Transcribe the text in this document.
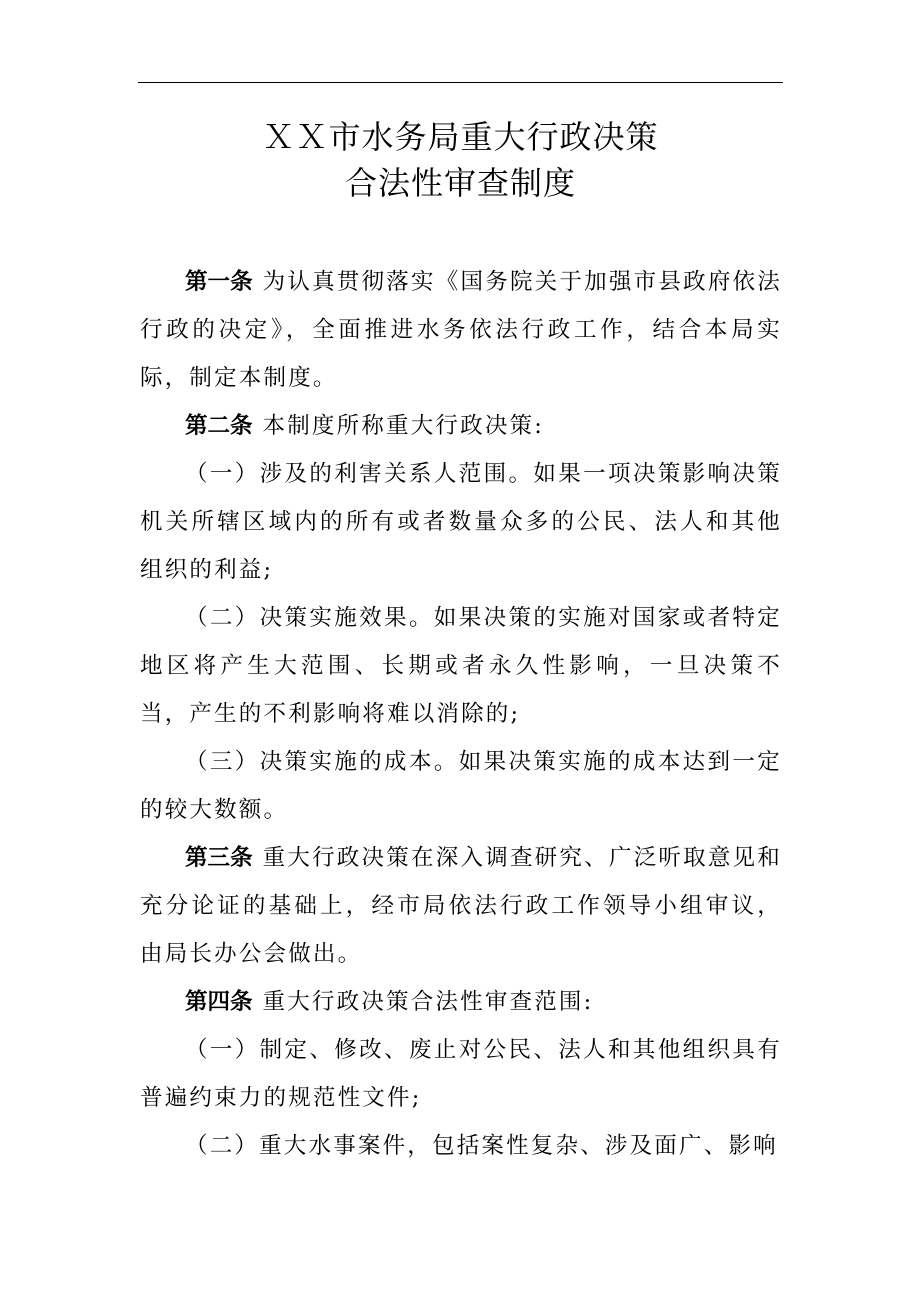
ＸＸ市水务局重大行政决策
合法性审查制度

第一条 为认真贯彻落实《国务院关于加强市县政府依法行政的决定》，全面推进水务依法行政工作，结合本局实际，制定本制度。

第二条 本制度所称重大行政决策:

（一）涉及的利害关系人范围。如果一项决策影响决策机关所辖区域内的所有或者数量众多的公民、法人和其他组织的利益;

（二）决策实施效果。如果决策的实施对国家或者特定地区将产生大范围、长期或者永久性影响，一旦决策不当，产生的不利影响将难以消除的;

（三）决策实施的成本。如果决策实施的成本达到一定的较大数额。

第三条 重大行政决策在深入调查研究、广泛听取意见和充分论证的基础上，经市局依法行政工作领导小组审议，由局长办公会做出。

第四条 重大行政决策合法性审查范围:

（一）制定、修改、废止对公民、法人和其他组织具有普遍约束力的规范性文件;

（二）重大水事案件，包括案性复杂、涉及面广、影响
